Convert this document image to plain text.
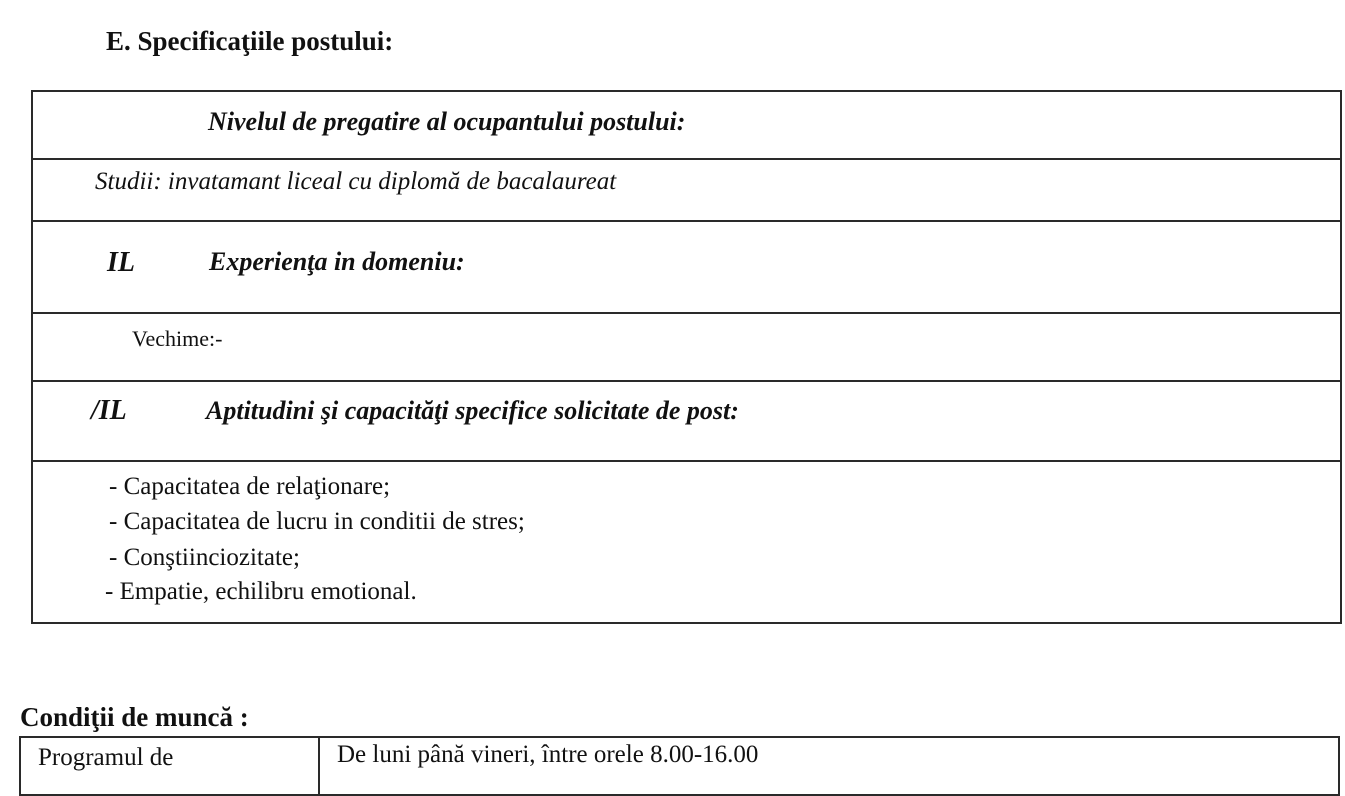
E. Specificaţiile postului:
Nivelul de pregatire al ocupantului postului:
Studii: invatamant liceal cu diplomă de bacalaureat
IL	Experienţa in domeniu:
Vechime:-
/IL	Aptitudini şi capacităţi specifice solicitate de post:
- Capacitatea de relaţionare;
- Capacitatea de lucru in conditii de stres;
- Conştiinciozitate;
- Empatie, echilibru emotional.
Condiţii de muncă :
Programul de	De luni până vineri, între orele 8.00-16.00
